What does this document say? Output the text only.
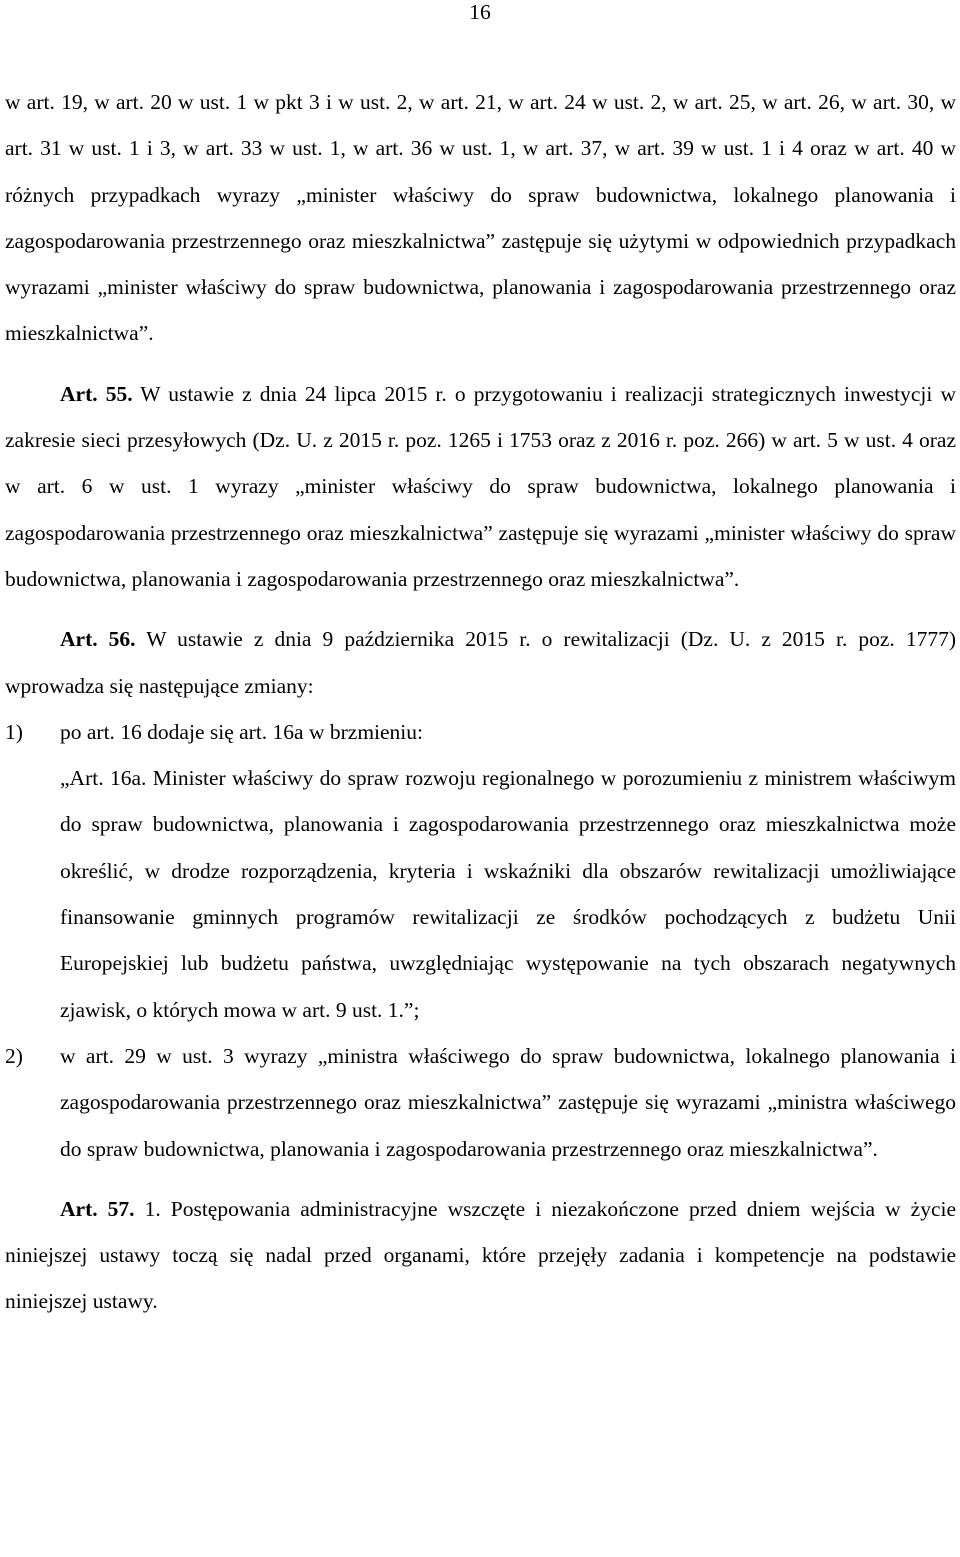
16

w art. 19, w art. 20 w ust. 1 w pkt 3 i w ust. 2, w art. 21, w art. 24 w ust. 2, w art. 25, w art. 26, w art. 30, w art. 31 w ust. 1 i 3, w art. 33 w ust. 1, w art. 36 w ust. 1, w art. 37, w art. 39 w ust. 1 i 4 oraz w art. 40 w różnych przypadkach wyrazy „minister właściwy do spraw budownictwa, lokalnego planowania i zagospodarowania przestrzennego oraz mieszkalnictwa” zastępuje się użytymi w odpowiednich przypadkach wyrazami „minister właściwy do spraw budownictwa, planowania i zagospodarowania przestrzennego oraz mieszkalnictwa”.

Art. 55. W ustawie z dnia 24 lipca 2015 r. o przygotowaniu i realizacji strategicznych inwestycji w zakresie sieci przesyłowych (Dz. U. z 2015 r. poz. 1265 i 1753 oraz z 2016 r. poz. 266) w art. 5 w ust. 4 oraz w art. 6 w ust. 1 wyrazy „minister właściwy do spraw budownictwa, lokalnego planowania i zagospodarowania przestrzennego oraz mieszkalnictwa” zastępuje się wyrazami „minister właściwy do spraw budownictwa, planowania i zagospodarowania przestrzennego oraz mieszkalnictwa”.

Art. 56. W ustawie z dnia 9 października 2015 r. o rewitalizacji (Dz. U. z 2015 r. poz. 1777) wprowadza się następujące zmiany:

1) po art. 16 dodaje się art. 16a w brzmieniu:

„Art. 16a. Minister właściwy do spraw rozwoju regionalnego w porozumieniu z ministrem właściwym do spraw budownictwa, planowania i zagospodarowania przestrzennego oraz mieszkalnictwa może określić, w drodze rozporządzenia, kryteria i wskaźniki dla obszarów rewitalizacji umożliwiające finansowanie gminnych programów rewitalizacji ze środków pochodzących z budżetu Unii Europejskiej lub budżetu państwa, uwzględniając występowanie na tych obszarach negatywnych zjawisk, o których mowa w art. 9 ust. 1.”;

2) w art. 29 w ust. 3 wyrazy „ministra właściwego do spraw budownictwa, lokalnego planowania i zagospodarowania przestrzennego oraz mieszkalnictwa” zastępuje się wyrazami „ministra właściwego do spraw budownictwa, planowania i zagospodarowania przestrzennego oraz mieszkalnictwa”.

Art. 57. 1. Postępowania administracyjne wszczęte i niezakończone przed dniem wejścia w życie niniejszej ustawy toczą się nadal przed organami, które przejęły zadania i kompetencje na podstawie niniejszej ustawy.
